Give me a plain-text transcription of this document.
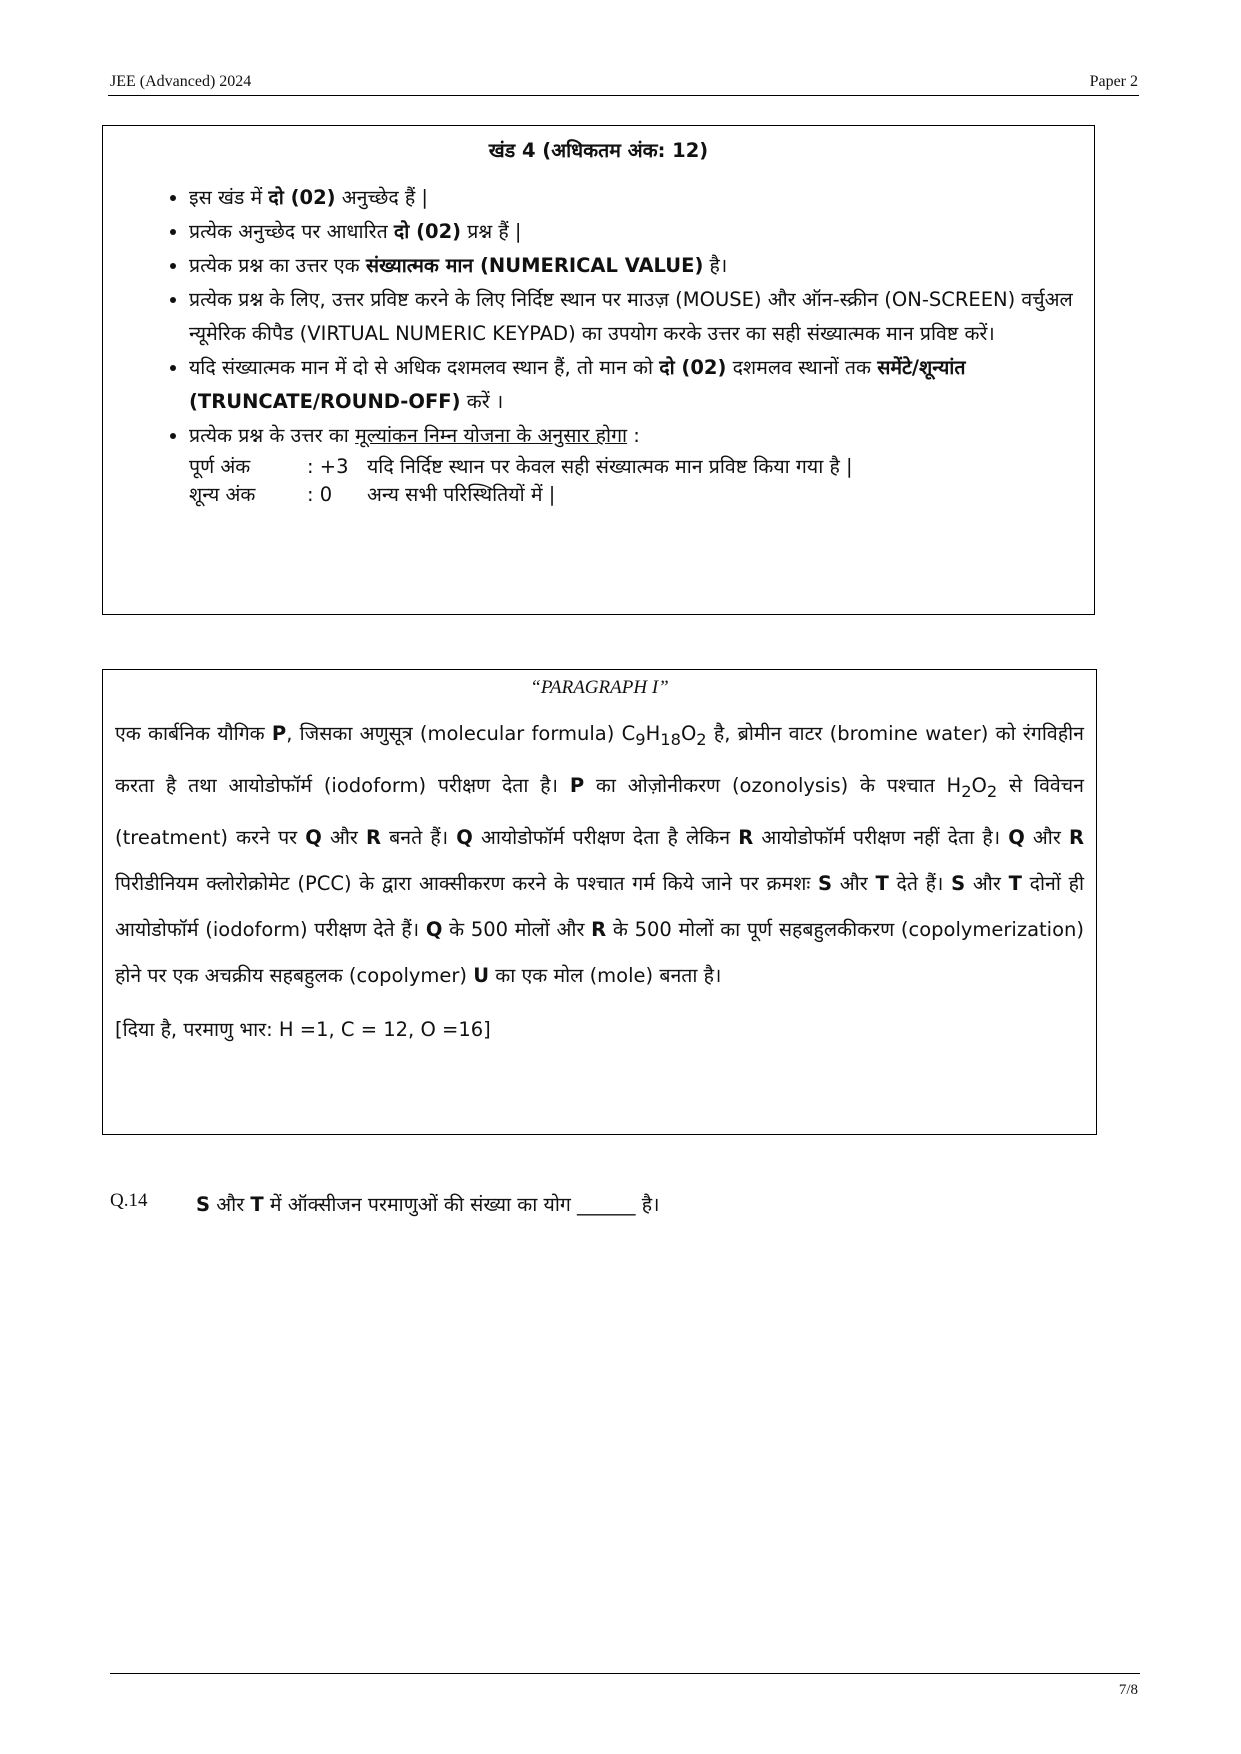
JEE (Advanced) 2024	Paper 2
खंड 4 (अधिकतम अंक: 12)
• इस खंड में दो (02) अनुच्छेद हैं |
• प्रत्येक अनुच्छेद पर आधारित दो (02) प्रश्न हैं |
• प्रत्येक प्रश्न का उत्तर एक संख्यात्मक मान (NUMERICAL VALUE) है।
• प्रत्येक प्रश्न के लिए, उत्तर प्रविष्ट करने के लिए निर्दिष्ट स्थान पर माउज़ (MOUSE) और ऑन-स्क्रीन (ON-SCREEN) वर्चुअल न्यूमेरिक कीपैड (VIRTUAL NUMERIC KEYPAD) का उपयोग करके उत्तर का सही संख्यात्मक मान प्रविष्ट करें।
• यदि संख्यात्मक मान में दो से अधिक दशमलव स्थान हैं, तो मान को दो (02) दशमलव स्थानों तक समेंटे/शून्यांत (TRUNCATE/ROUND-OFF) करें ।
• प्रत्येक प्रश्न के उत्तर का मूल्यांकन निम्न योजना के अनुसार होगा :
पूर्ण अंक	: +3 यदि निर्दिष्ट स्थान पर केवल सही संख्यात्मक मान प्रविष्ट किया गया है |
शून्य अंक	: 0	अन्य सभी परिस्थितियों में |
“PARAGRAPH I”
एक कार्बनिक यौगिक P, जिसका अणुसूत्र (molecular formula) $C_9H_{18}O_2$ है, ब्रोमीन वाटर (bromine water) को रंगविहीन करता है तथा आयोडोफॉर्म (iodoform) परीक्षण देता है। P का ओज़ोनीकरण (ozonolysis) के पश्चात $H_2O_2$ से विवेचन (treatment) करने पर Q और R बनते हैं। Q आयोडोफॉर्म परीक्षण देता है लेकिन R आयोडोफॉर्म परीक्षण नहीं देता है। Q और R पिरीडीनियम क्लोरोक्रोमेट (PCC) के द्वारा आक्सीकरण करने के पश्चात गर्म किये जाने पर क्रमशः S और T देते हैं। S और T दोनों ही आयोडोफॉर्म (iodoform) परीक्षण देते हैं। Q के 500 मोलों और R के 500 मोलों का पूर्ण सहबहुलकीकरण (copolymerization) होने पर एक अचक्रीय सहबहुलक (copolymer) U का एक मोल (mole) बनता है।
[दिया है, परमाणु भार: H =1, C = 12, O =16]
Q.14 S और T में ऑक्सीजन परमाणुओं की संख्या का योग ______ है।
7/8
